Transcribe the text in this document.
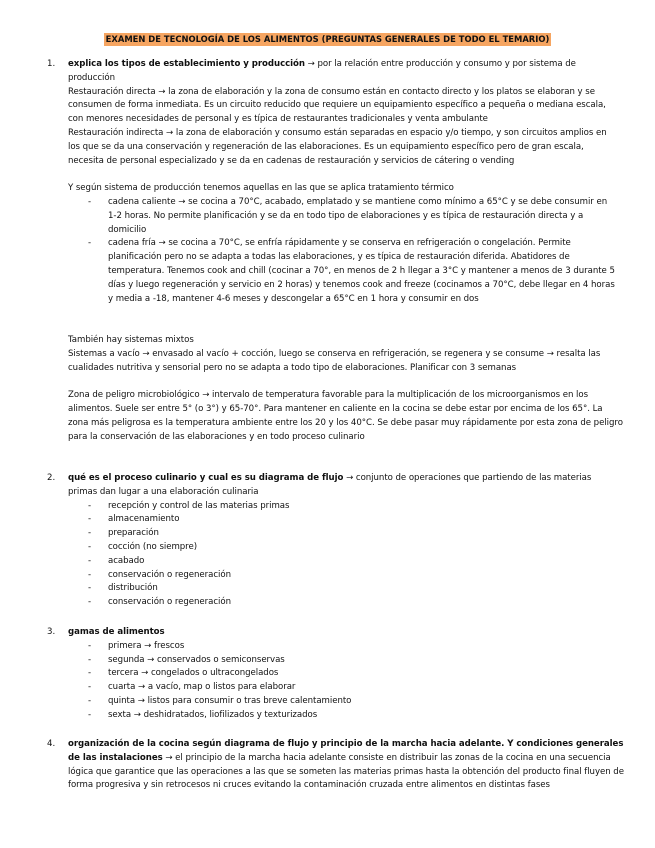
EXAMEN DE TECNOLOGÍA DE LOS ALIMENTOS (PREGUNTAS GENERALES DE TODO EL TEMARIO)
1. explica los tipos de establecimiento y producción → por la relación entre producción y consumo y por sistema de producción

Restauración directa → la zona de elaboración y la zona de consumo están en contacto directo y los platos se elaboran y se consumen de forma inmediata. Es un circuito reducido que requiere un equipamiento específico a pequeña o mediana escala, con menores necesidades de personal y es típica de restaurantes tradicionales y venta ambulante

Restauración indirecta → la zona de elaboración y consumo están separadas en espacio y/o tiempo, y son circuitos amplios en los que se da una conservación y regeneración de las elaboraciones. Es un equipamiento específico pero de gran escala, necesita de personal especializado y se da en cadenas de restauración y servicios de cátering o vending

Y según sistema de producción tenemos aquellas en las que se aplica tratamiento térmico

- cadena caliente → se cocina a 70°C, acabado, emplatado y se mantiene como mínimo a 65°C y se debe consumir en 1-2 horas. No permite planificación y se da en todo tipo de elaboraciones y es típica de restauración directa y a domicilio
- cadena fría → se cocina a 70°C, se enfría rápidamente y se conserva en refrigeración o congelación. Permite planificación pero no se adapta a todas las elaboraciones, y es típica de restauración diferida. Abatidores de temperatura. Tenemos cook and chill (cocinar a 70°, en menos de 2 h llegar a 3°C y mantener a menos de 3 durante 5 días y luego regeneración y servicio en 2 horas) y tenemos cook and freeze (cocinamos a 70°C, debe llegar en 4 horas y media a -18, mantener 4-6 meses y descongelar a 65°C en 1 hora y consumir en dos

También hay sistemas mixtos

Sistemas a vacío → envasado al vacío + cocción, luego se conserva en refrigeración, se regenera y se consume → resalta las cualidades nutritiva y sensorial pero no se adapta a todo tipo de elaboraciones. Planificar con 3 semanas

Zona de peligro microbiológico → intervalo de temperatura favorable para la multiplicación de los microorganismos en los alimentos. Suele ser entre 5° (o 3°) y 65-70°. Para mantener en caliente en la cocina se debe estar por encima de los 65°. La zona más peligrosa es la temperatura ambiente entre los 20 y los 40°C. Se debe pasar muy rápidamente por esta zona de peligro para la conservación de las elaboraciones y en todo proceso culinario

2. qué es el proceso culinario y cual es su diagrama de flujo → conjunto de operaciones que partiendo de las materias primas dan lugar a una elaboración culinaria

- recepción y control de las materias primas
- almacenamiento
- preparación
- cocción (no siempre)
- acabado
- conservación o regeneración
- distribución
- conservación o regeneración
3. gamas de alimentos

- primera → frescos
- segunda → conservados o semiconservas
- tercera → congelados o ultracongelados
- cuarta → a vacío, map o listos para elaborar
- quinta → listos para consumir o tras breve calentamiento
- sexta → deshidratados, liofilizados y texturizados
4. organización de la cocina según diagrama de flujo y principio de la marcha hacia adelante. Y condiciones generales de las instalaciones → el principio de la marcha hacia adelante consiste en distribuir las zonas de la cocina en una secuencia lógica que garantice que las operaciones a las que se someten las materias primas hasta la obtención del producto final fluyen de forma progresiva y sin retrocesos ni cruces evitando la contaminación cruzada entre alimentos en distintas fases
